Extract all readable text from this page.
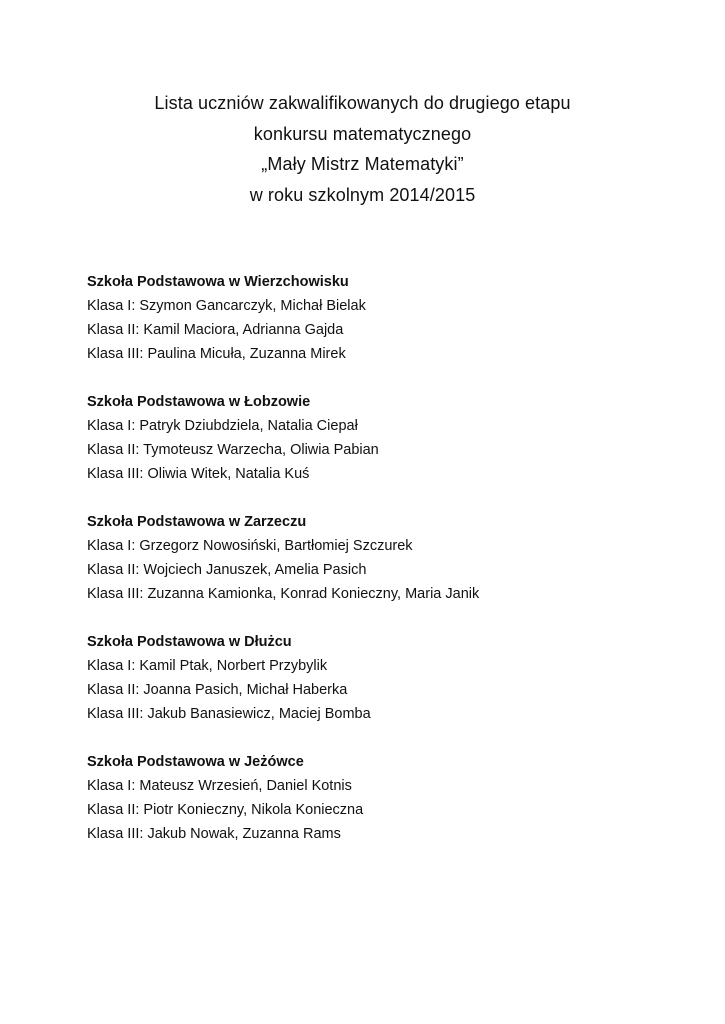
Lista uczniów zakwalifikowanych do drugiego etapu
konkursu matematycznego
„Mały Mistrz Matematyki”
w roku szkolnym 2014/2015
Szkoła Podstawowa w Wierzchowisku
Klasa I: Szymon Gancarczyk, Michał Bielak
Klasa II: Kamil Maciora, Adrianna Gajda
Klasa III: Paulina Micuła, Zuzanna Mirek
Szkoła Podstawowa w Łobzowie
Klasa I: Patryk Dziubdziela, Natalia Ciepał
Klasa II: Tymoteusz Warzecha, Oliwia Pabian
Klasa III: Oliwia Witek, Natalia Kuś
Szkoła Podstawowa w Zarzeczu
Klasa I: Grzegorz Nowosiński, Bartłomiej Szczurek
Klasa II: Wojciech Januszek, Amelia Pasich
Klasa III: Zuzanna Kamionka, Konrad Konieczny, Maria Janik
Szkoła Podstawowa w Dłużcu
Klasa I: Kamil Ptak, Norbert Przybylik
Klasa II: Joanna Pasich, Michał Haberka
Klasa III: Jakub Banasiewicz, Maciej Bomba
Szkoła Podstawowa w Jeżówce
Klasa I: Mateusz Wrzesień, Daniel Kotnis
Klasa II: Piotr Konieczny, Nikola Konieczna
Klasa III: Jakub Nowak, Zuzanna Rams
